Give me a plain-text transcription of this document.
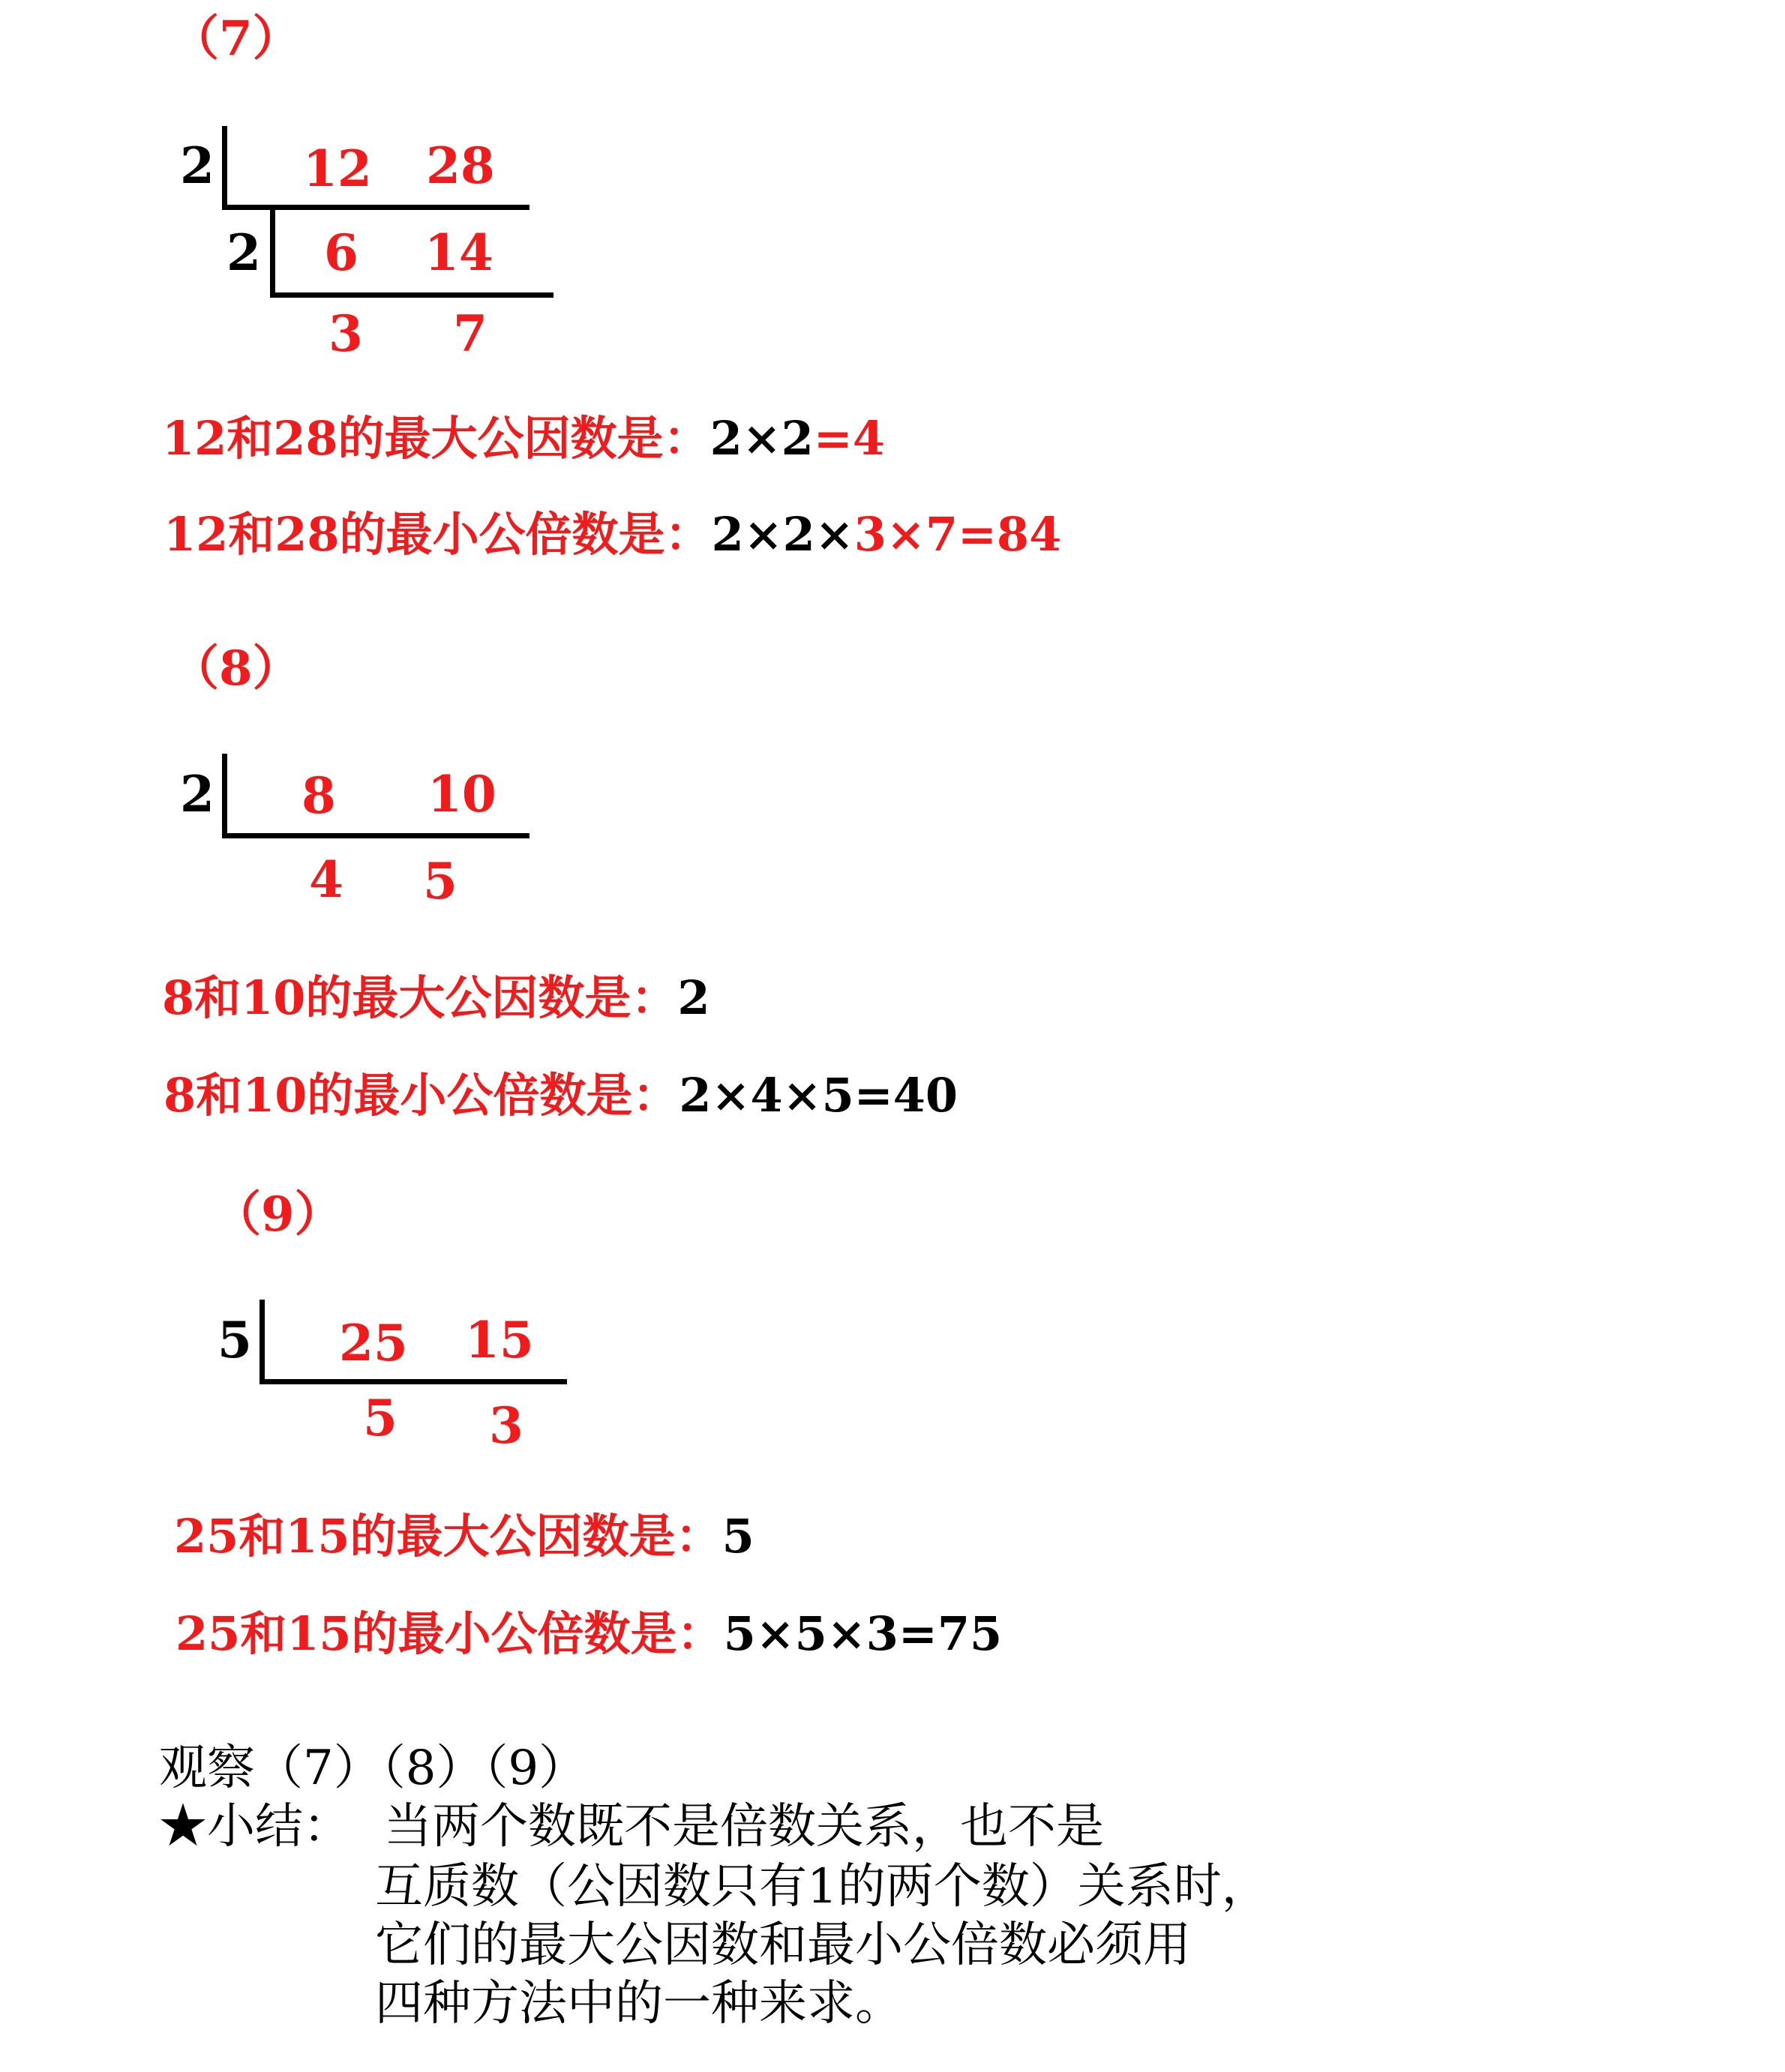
（7）
2 12 28
2 6 14
3 7
12和28的最大公因数是：2×2=4
12和28的最小公倍数是：2×2×3×7=84
（8）
2 8 10
4 5
8和10的最大公因数是：2
8和10的最小公倍数是：2×4×5=40
（9）
5 25 15
5 3
25和15的最大公因数是：5
25和15的最小公倍数是：5×5×3=75
观察（7）（8）（9）
★小结： 当两个数既不是倍数关系，也不是
互质数（公因数只有1的两个数）关系时，
它们的最大公因数和最小公倍数必须用
四种方法中的一种来求。
